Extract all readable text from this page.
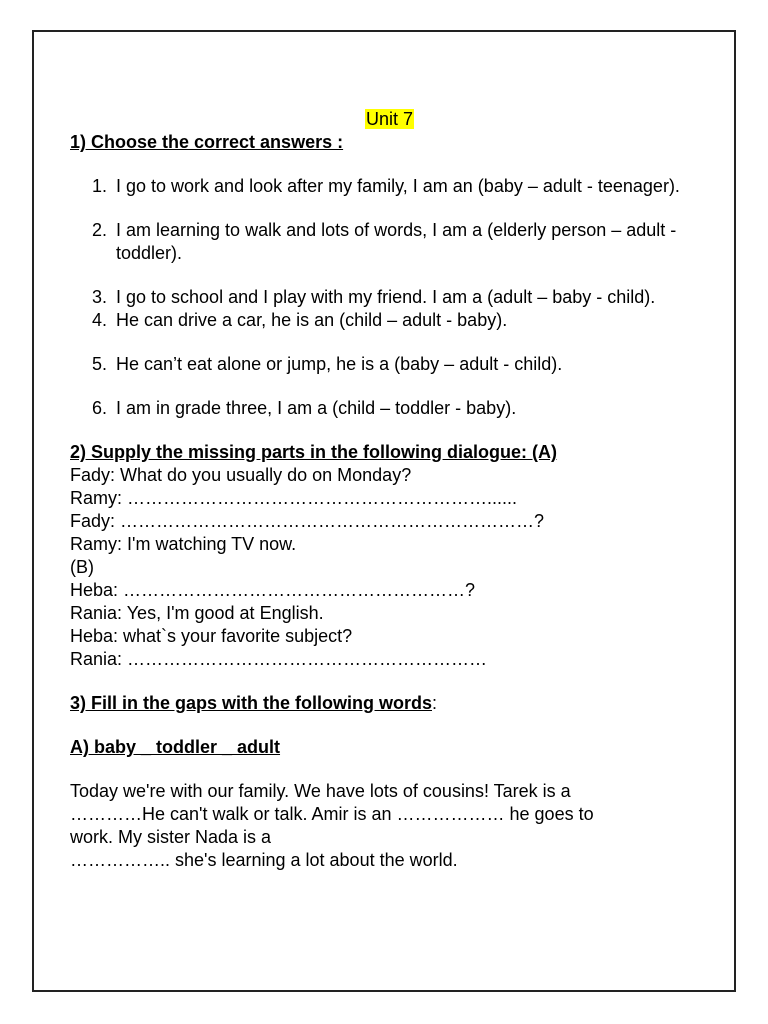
Unit 7
1) Choose the correct answers :
1. I go to work and look after my family, I am an (baby – adult - teenager).
2. I am learning to walk and lots of words, I am a (elderly person – adult - toddler).
3. I go to school and I play with my friend. I am a (adult – baby - child).
4. He can drive a car, he is an (child – adult - baby).
5. He can’t eat alone or jump, he is a (baby – adult - child).
6. I am in grade three, I am a (child – toddler - baby).
2) Supply the missing parts in the following dialogue: (A)
Fady: What do you usually do on Monday?
Ramy: ……………………………………………………......
Fady: ……………………………………………………………?
Ramy: I'm watching TV now.
(B)
Heba: …………………………………………………?
Rania: Yes, I'm good at English.
Heba: what`s your favorite subject?
Rania: ……………………………………………………
3) Fill in the gaps with the following words:
A) baby _ toddler _ adult
Today we're with our family. We have lots of cousins! Tarek is a
…………He can't walk or talk. Amir is an ……………… he goes to
work. My sister Nada is a
…………….. she's learning a lot about the world.
